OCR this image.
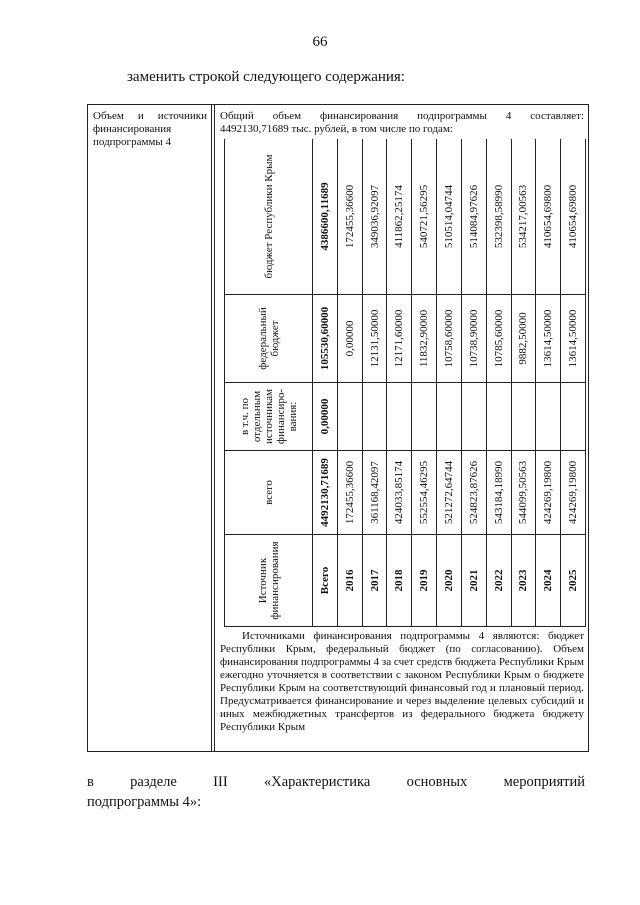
66
заменить строкой следующего содержания:
Объем и источники финансирования подпрограммы 4
Общий объем финансирования подпрограммы 4 составляет:
4492130,71689 тыс. рублей, в том числе по годам:
Источниками финансирования подпрограммы 4 являются: бюджет Республики Крым, федеральный бюджет (по согласованию). Объем финансирования подпрограммы 4 за счет средств бюджета Республики Крым ежегодно уточняется в соответствии с законом Республики Крым о бюджете Республики Крым на соответствующий финансовый год и плановый период. Предусматривается финансирование и через выделение целевых субсидий и иных межбюджетных трансфертов из федерального бюджета бюджету Республики Крым
Источник финансирования	всего	в т.ч. по отдельным источникам финансиро-вания:	федеральный бюджет	бюджет Республики Крым
Всего	4492130,71689	0,00000	105530,60000	4386600,11689
2016	172455,36600		0,00000	172455,36600
2017	361168,42097		12131,50000	349036,92097
2018	424033,85174		12171,60000	411862,25174
2019	552554,46295		11832,90000	540721,56295
2020	521272,64744		10758,60000	510514,04744
2021	524823,87626		10738,90000	514084,97626
2022	543184,18990		10785,60000	532398,58990
2023	544099,50563		9882,50000	534217,00563
2024	424269,19800		13614,50000	410654,69800
2025	424269,19800		13614,50000	410654,69800
в разделе III «Характеристика основных мероприятий
подпрограммы 4»:
